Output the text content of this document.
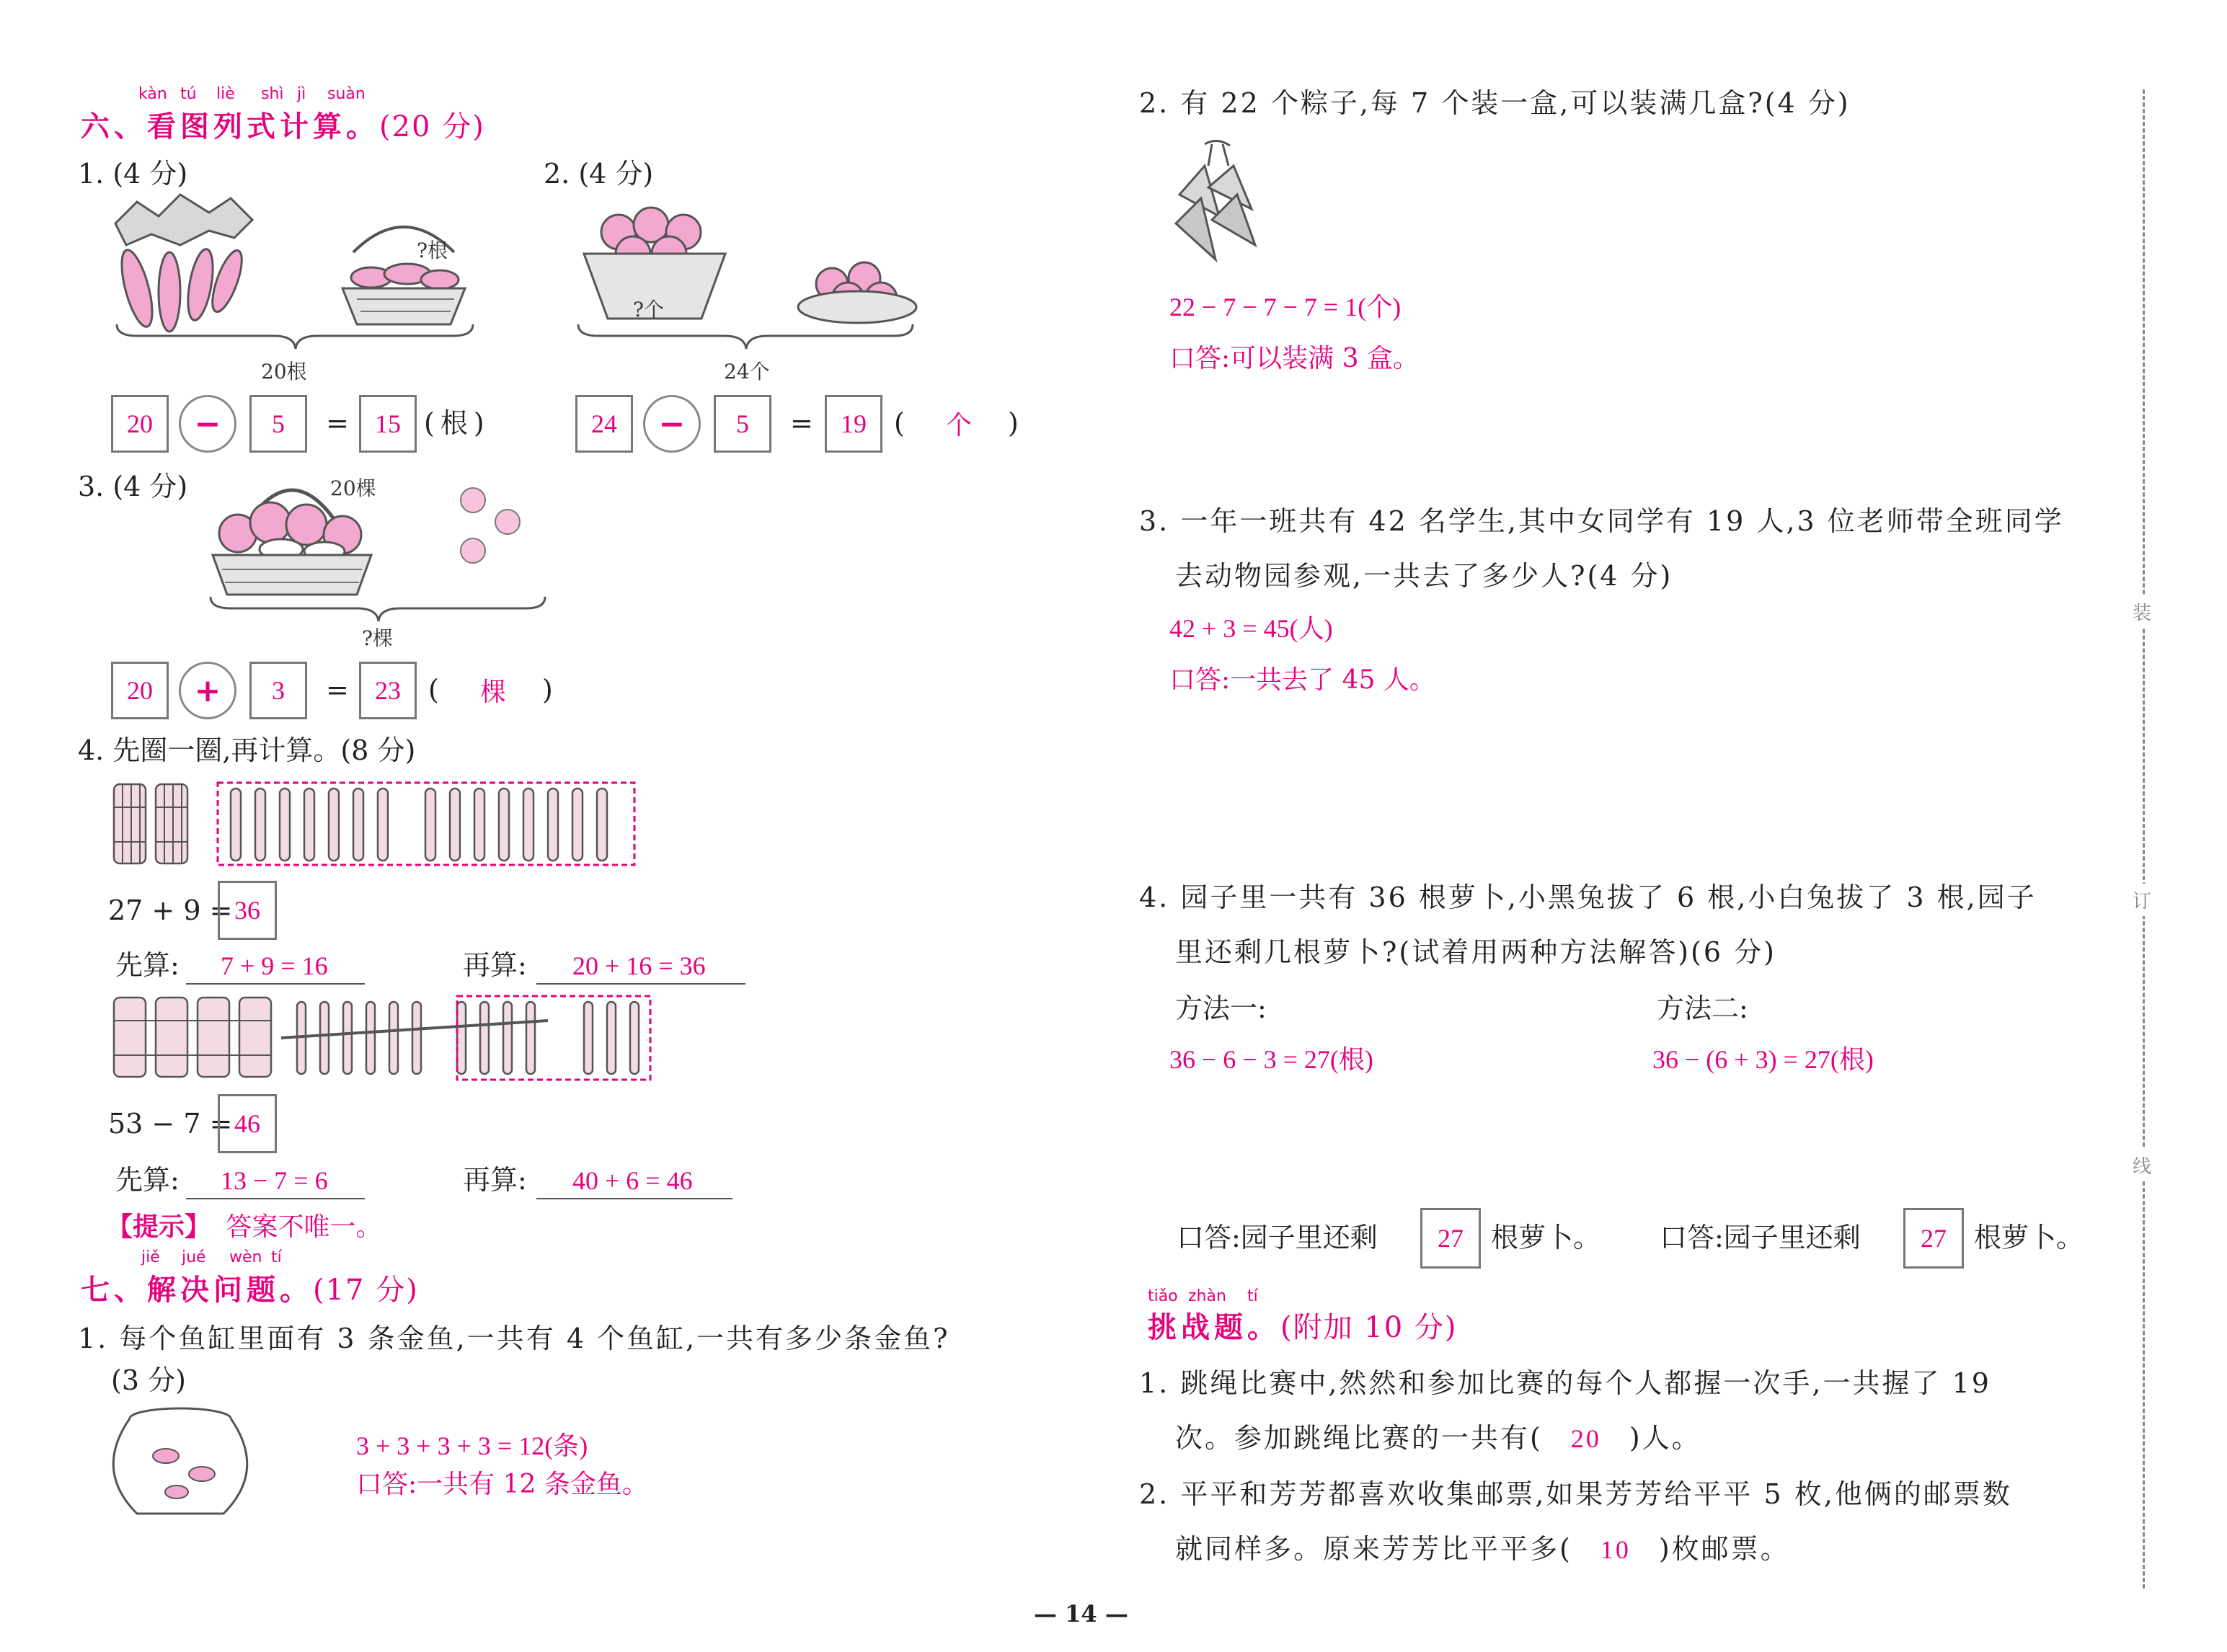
kàn tú liè shì jì suàn
六、看图列式计算。(20 分)
1. (4 分)
?根
20根
20	−	5	=	15 (根)
2. (4 分)
?个
24个
24	−	5	=	19	( 个 )
3. (4 分)	20棵
?棵
20	+	3	=	23	( 棵 )
4. 先圈一圈,再计算。(8 分)
27 + 9 = 36
先算: 7 + 9 = 16	再算: 20 + 16 = 36
53 − 7 = 46
先算: 13 − 7 = 6	再算: 40 + 6 = 46
【提示】 答案不唯一。
jiě jué wèn tí
七、解决问题。(17 分)
1. 每个鱼缸里面有 3 条金鱼,一共有 4 个鱼缸,一共有多少条金鱼?
(3 分)
3 + 3 + 3 + 3 = 12(条)
口答:一共有 12 条金鱼。
2. 有 22 个粽子,每 7 个装一盒,可以装满几盒?(4 分)
22 − 7 − 7 − 7 = 1(个)
口答:可以装满 3 盒。
3. 一年一班共有 42 名学生,其中女同学有 19 人,3 位老师带全班同学
去动物园参观,一共去了多少人?(4 分)
42 + 3 = 45(人)
口答:一共去了 45 人。
4. 园子里一共有 36 根萝卜,小黑兔拔了 6 根,小白兔拔了 3 根,园子
里还剩几根萝卜?(试着用两种方法解答)(6 分)
方法一:	方法二:
36 − 6 − 3 = 27(根)	36 − (6 + 3) = 27(根)
口答:园子里还剩	27	根萝卜。 口答:园子里还剩	27	根萝卜。
tiǎo zhàn tí
挑战题。(附加 10 分)
1. 跳绳比赛中,然然和参加比赛的每个人都握一次手,一共握了 19
次。参加跳绳比赛的一共有( 20 )人。
2. 平平和芳芳都喜欢收集邮票,如果芳芳给平平 5 枚,他俩的邮票数
就同样多。原来芳芳比平平多( 10 )枚邮票。
装
订
线
— 14 —
